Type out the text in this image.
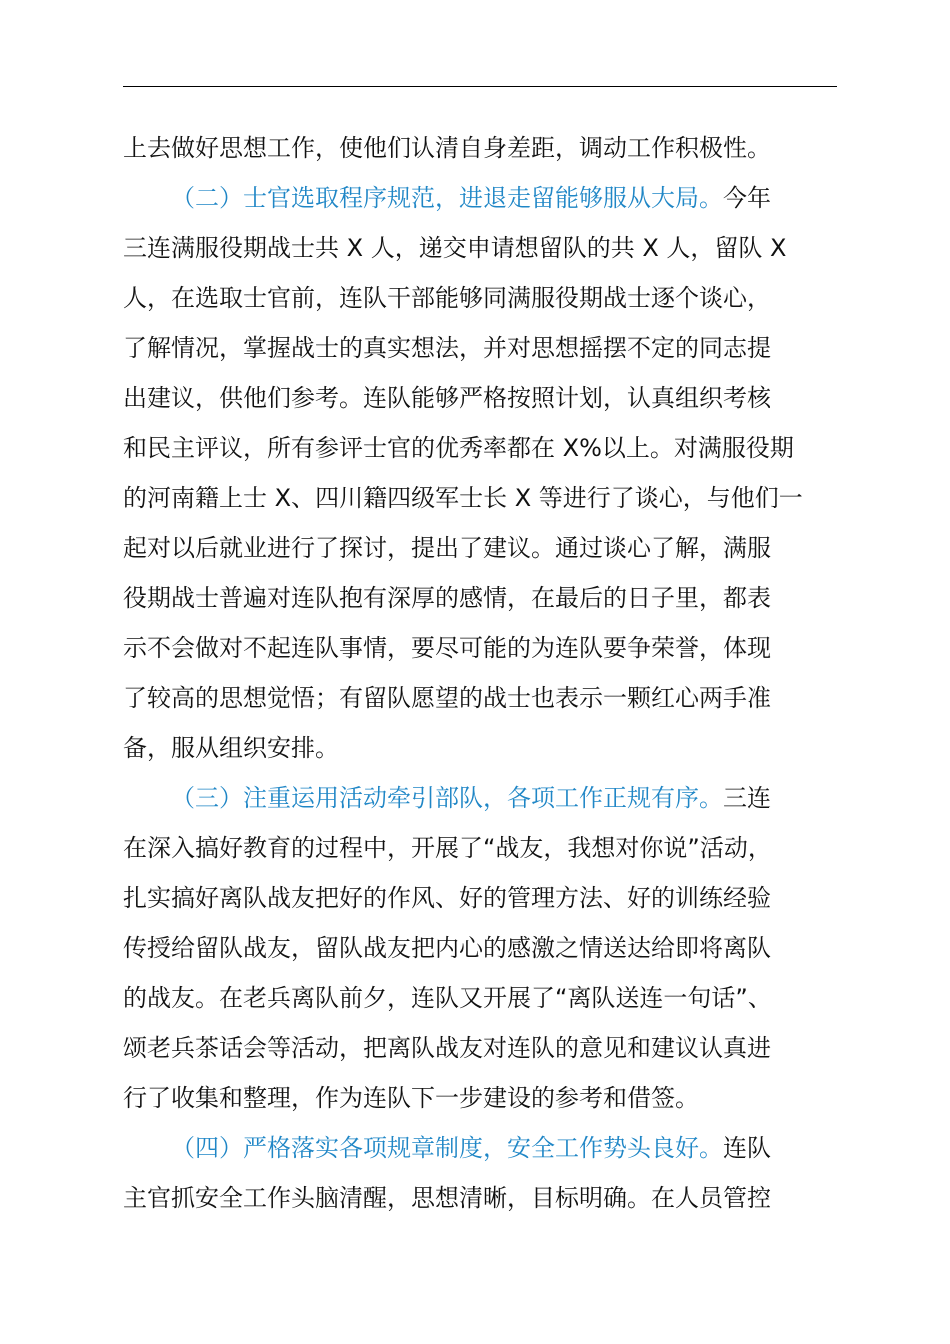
上去做好思想工作，使他们认清自身差距，调动工作积极性。
（二）士官选取程序规范，进退走留能够服从大局。今年
三连满服役期战士共 X 人，递交申请想留队的共 X 人，留队 X
人，在选取士官前，连队干部能够同满服役期战士逐个谈心，
了解情况，掌握战士的真实想法，并对思想摇摆不定的同志提
出建议，供他们参考。连队能够严格按照计划，认真组织考核
和民主评议，所有参评士官的优秀率都在 X%以上。对满服役期
的河南籍上士 X、四川籍四级军士长 X 等进行了谈心，与他们一
起对以后就业进行了探讨，提出了建议。通过谈心了解，满服
役期战士普遍对连队抱有深厚的感情，在最后的日子里，都表
示不会做对不起连队事情，要尽可能的为连队要争荣誉，体现
了较高的思想觉悟；有留队愿望的战士也表示一颗红心两手准
备，服从组织安排。
（三）注重运用活动牵引部队，各项工作正规有序。三连
在深入搞好教育的过程中，开展了“战友，我想对你说”活动，
扎实搞好离队战友把好的作风、好的管理方法、好的训练经验
传授给留队战友，留队战友把内心的感激之情送达给即将离队
的战友。在老兵离队前夕，连队又开展了“离队送连一句话”、
颂老兵茶话会等活动，把离队战友对连队的意见和建议认真进
行了收集和整理，作为连队下一步建设的参考和借签。
（四）严格落实各项规章制度，安全工作势头良好。连队
主官抓安全工作头脑清醒，思想清晰，目标明确。在人员管控
